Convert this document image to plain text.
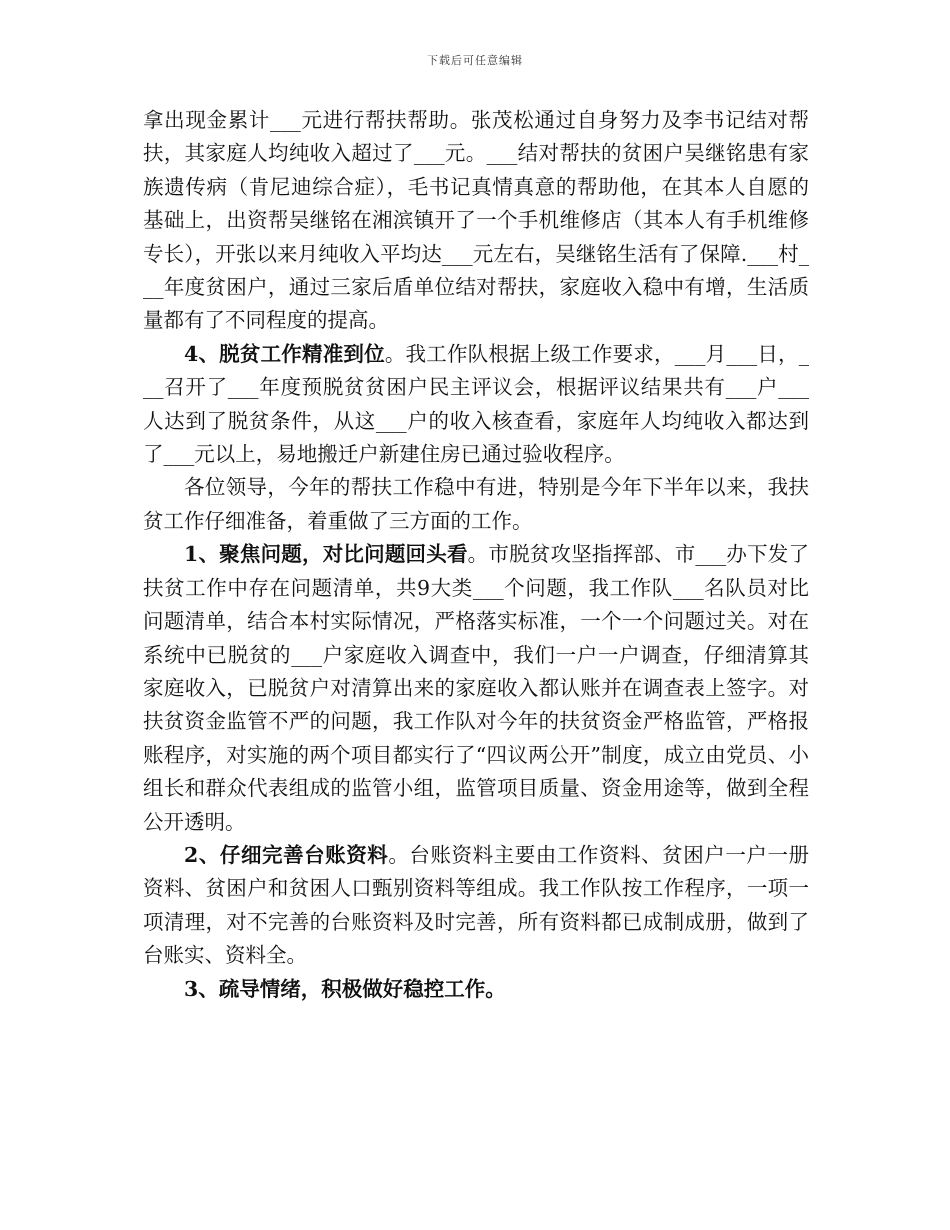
下载后可任意编辑

拿出现金累计___元进行帮扶帮助。张茂松通过自身努力及李书记结对帮扶，其家庭人均纯收入超过了___元。___结对帮扶的贫困户吴继铭患有家族遗传病（肯尼迪综合症），毛书记真情真意的帮助他，在其本人自愿的基础上，出资帮吴继铭在湘滨镇开了一个手机维修店（其本人有手机维修专长），开张以来月纯收入平均达___元左右，吴继铭生活有了保障.___村___年度贫困户，通过三家后盾单位结对帮扶，家庭收入稳中有增，生活质量都有了不同程度的提高。

4、脱贫工作精准到位。我工作队根据上级工作要求，___月___日，___召开了___年度预脱贫贫困户民主评议会，根据评议结果共有___户___人达到了脱贫条件，从这___户的收入核查看，家庭年人均纯收入都达到了___元以上，易地搬迁户新建住房已通过验收程序。

各位领导，今年的帮扶工作稳中有进，特别是今年下半年以来，我扶贫工作仔细准备，着重做了三方面的工作。

1、聚焦问题，对比问题回头看。市脱贫攻坚指挥部、市___办下发了扶贫工作中存在问题清单，共9大类___个问题，我工作队___名队员对比问题清单，结合本村实际情况，严格落实标准，一个一个问题过关。对在系统中已脱贫的___户家庭收入调查中，我们一户一户调查，仔细清算其家庭收入，已脱贫户对清算出来的家庭收入都认账并在调查表上签字。对扶贫资金监管不严的问题，我工作队对今年的扶贫资金严格监管，严格报账程序，对实施的两个项目都实行了“四议两公开”制度，成立由党员、小组长和群众代表组成的监管小组，监管项目质量、资金用途等，做到全程公开透明。

2、仔细完善台账资料。台账资料主要由工作资料、贫困户一户一册资料、贫困户和贫困人口甄别资料等组成。我工作队按工作程序，一项一项清理，对不完善的台账资料及时完善，所有资料都已成制成册，做到了台账实、资料全。

3、疏导情绪，积极做好稳控工作。
